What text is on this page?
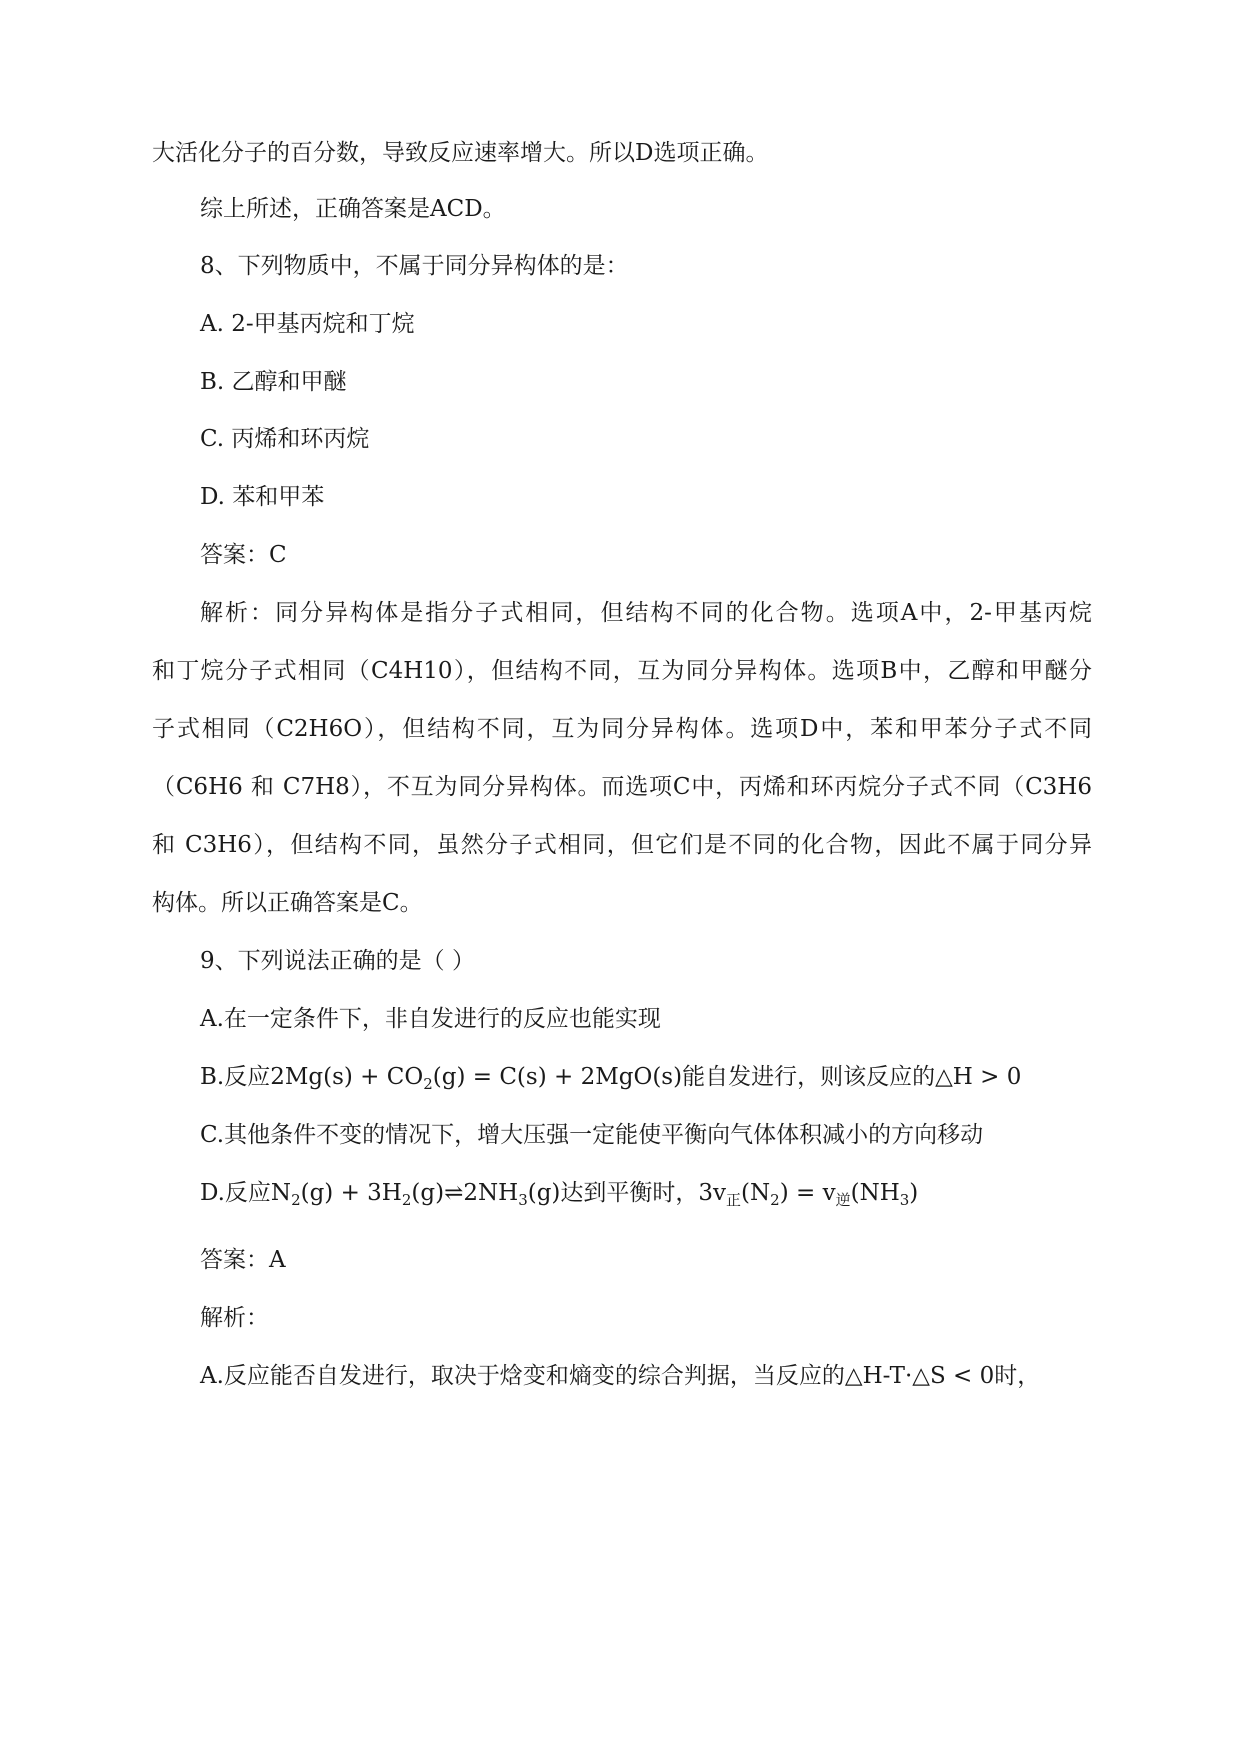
大活化分子的百分数，导致反应速率增大。所以D选项正确。
综上所述，正确答案是ACD。
8、下列物质中，不属于同分异构体的是：
A. 2-甲基丙烷和丁烷
B. 乙醇和甲醚
C. 丙烯和环丙烷
D. 苯和甲苯
答案：C
解析：同分异构体是指分子式相同，但结构不同的化合物。选项A中，2-甲基丙烷
和丁烷分子式相同（C4H10），但结构不同，互为同分异构体。选项B中，乙醇和甲醚分
子式相同（C2H6O），但结构不同，互为同分异构体。选项D中，苯和甲苯分子式不同
（C6H6 和 C7H8），不互为同分异构体。而选项C中，丙烯和环丙烷分子式不同（C3H6
和 C3H6），但结构不同，虽然分子式相同，但它们是不同的化合物，因此不属于同分异
构体。所以正确答案是C。
9、下列说法正确的是（ ）
A.在一定条件下，非自发进行的反应也能实现
B.反应$2Mg(s) + CO_2(g) = C(s) + 2MgO(s)$能自发进行，则该反应的△H > 0
C.其他条件不变的情况下，增大压强一定能使平衡向气体体积减小的方向移动
D.反应$N_2(g)$ + $3H_2(g)\rightleftharpoons 2NH_3(g)$达到平衡时，$3v_正(N_2) = v_逆(NH_3)$
答案：A
解析：
A.反应能否自发进行，取决于焓变和熵变的综合判据，当反应的△H-T·△S < 0时，
